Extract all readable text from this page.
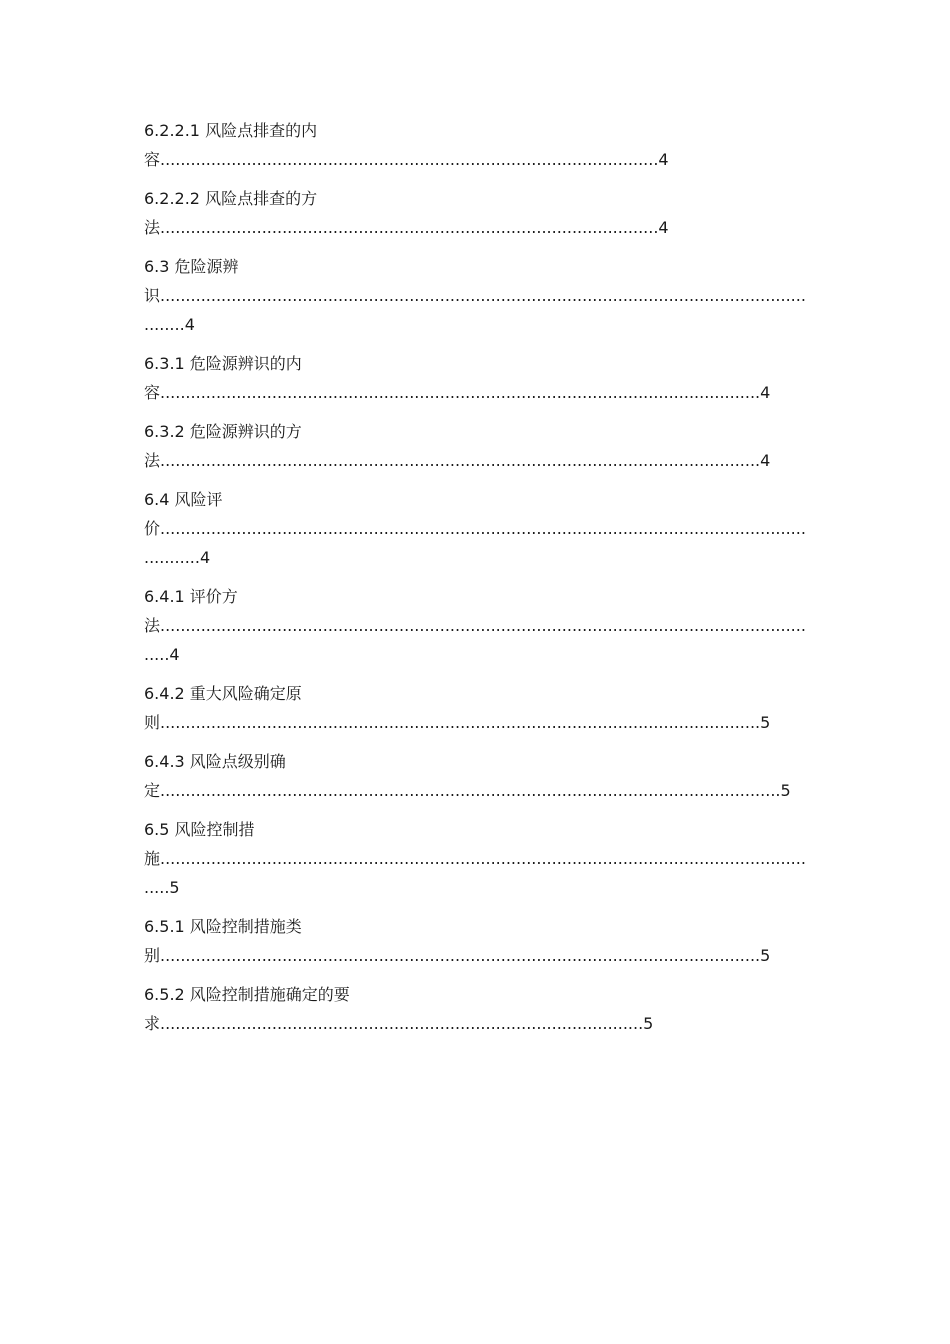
6.2.2.1 风险点排查的内
容..................................................................................................4
6.2.2.2 风险点排查的方
法..................................................................................................4
6.3 危险源辨
识.......................................................................................................................................4
6.3.1 危险源辨识的内
容......................................................................................................................4
6.3.2 危险源辨识的方
法......................................................................................................................4
6.4 风险评
价..........................................................................................................................................4
6.4.1 评价方
法....................................................................................................................................4
6.4.2 重大风险确定原
则......................................................................................................................5
6.4.3 风险点级别确
定..........................................................................................................................5
6.5 风险控制措
施....................................................................................................................................5
6.5.1 风险控制措施类
别......................................................................................................................5
6.5.2 风险控制措施确定的要
求...............................................................................................5
